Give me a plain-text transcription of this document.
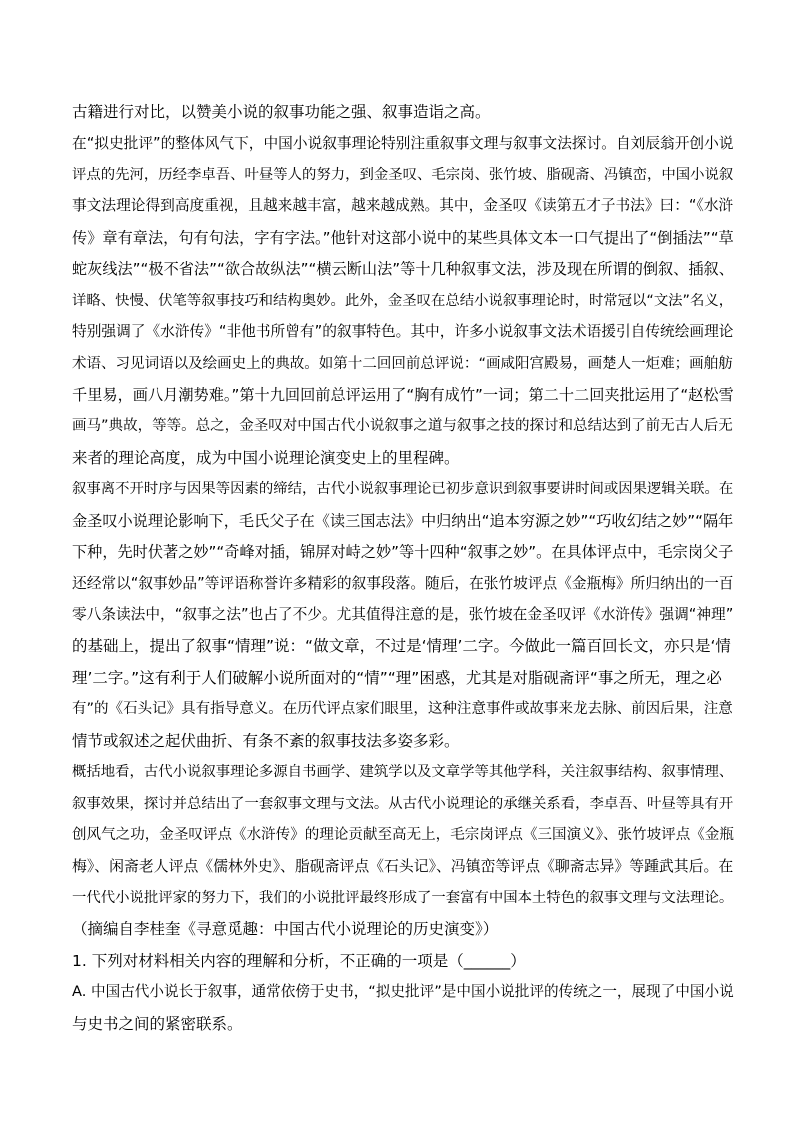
古籍进行对比，以赞美小说的叙事功能之强、叙事造诣之高。
在“拟史批评”的整体风气下，中国小说叙事理论特别注重叙事文理与叙事文法探讨。自刘辰翁开创小说
评点的先河，历经李卓吾、叶昼等人的努力，到金圣叹、毛宗岗、张竹坡、脂砚斋、冯镇峦，中国小说叙
事文法理论得到高度重视，且越来越丰富，越来越成熟。其中，金圣叹《读第五才子书法》曰：“《水浒
传》章有章法，句有句法，字有字法。”他针对这部小说中的某些具体文本一口气提出了“倒插法”“草
蛇灰线法”“极不省法”“欲合故纵法”“横云断山法”等十几种叙事文法，涉及现在所谓的倒叙、插叙、
详略、快慢、伏笔等叙事技巧和结构奥妙。此外，金圣叹在总结小说叙事理论时，时常冠以“文法”名义，
特别强调了《水浒传》“非他书所曾有”的叙事特色。其中，许多小说叙事文法术语援引自传统绘画理论
术语、习见词语以及绘画史上的典故。如第十二回回前总评说：“画咸阳宫殿易，画楚人一炬难；画舶舫
千里易，画八月潮势难。”第十九回回前总评运用了“胸有成竹”一词；第二十二回夹批运用了“赵松雪
画马”典故，等等。总之，金圣叹对中国古代小说叙事之道与叙事之技的探讨和总结达到了前无古人后无
来者的理论高度，成为中国小说理论演变史上的里程碑。
叙事离不开时序与因果等因素的缔结，古代小说叙事理论已初步意识到叙事要讲时间或因果逻辑关联。在
金圣叹小说理论影响下，毛氏父子在《读三国志法》中归纳出“追本穷源之妙”“巧收幻结之妙”“隔年
下种，先时伏著之妙”“奇峰对插，锦屏对峙之妙”等十四种“叙事之妙”。在具体评点中，毛宗岗父子
还经常以“叙事妙品”等评语称誉许多精彩的叙事段落。随后，在张竹坡评点《金瓶梅》所归纳出的一百
零八条读法中，“叙事之法”也占了不少。尤其值得注意的是，张竹坡在金圣叹评《水浒传》强调“神理”
的基础上，提出了叙事“情理”说：“做文章，不过是‘情理’二字。今做此一篇百回长文，亦只是‘情
理’二字。”这有利于人们破解小说所面对的“情”“理”困惑，尤其是对脂砚斋评“事之所无，理之必
有”的《石头记》具有指导意义。在历代评点家们眼里，这种注意事件或故事来龙去脉、前因后果，注意
情节或叙述之起伏曲折、有条不紊的叙事技法多姿多彩。
概括地看，古代小说叙事理论多源自书画学、建筑学以及文章学等其他学科，关注叙事结构、叙事情理、
叙事效果，探讨并总结出了一套叙事文理与文法。从古代小说理论的承继关系看，李卓吾、叶昼等具有开
创风气之功，金圣叹评点《水浒传》的理论贡献至高无上，毛宗岗评点《三国演义》、张竹坡评点《金瓶
梅》、闲斋老人评点《儒林外史》、脂砚斋评点《石头记》、冯镇峦等评点《聊斋志异》等踵武其后。在
一代代小说批评家的努力下，我们的小说批评最终形成了一套富有中国本土特色的叙事文理与文法理论。
（摘编自李桂奎《寻意觅趣：中国古代小说理论的历史演变》）
1. 下列对材料相关内容的理解和分析，不正确的一项是（______）
A. 中国古代小说长于叙事，通常依傍于史书，“拟史批评”是中国小说批评的传统之一，展现了中国小说
与史书之间的紧密联系。
